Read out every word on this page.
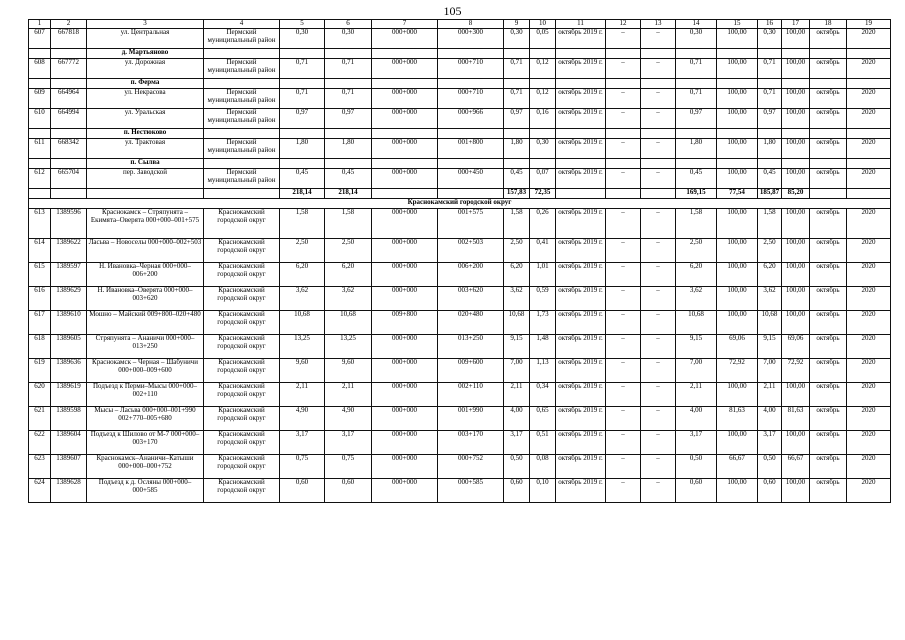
105
1	2	3	4	5	6	7	8	9	10	11	12	13	14	15	16	17	18	19
607	667818	ул. Центральная	Пермский муниципальный район	0,30	0,30	000+000	000+300	0,30	0,05	октябрь 2019 г.	–	–	0,30	100,00	0,30	100,00	октябрь	2020
		д. Мартьяново																
608	667772	ул. Дорожная	Пермский муниципальный район	0,71	0,71	000+000	000+710	0,71	0,12	октябрь 2019 г.	–	–	0,71	100,00	0,71	100,00	октябрь	2020
		п. Ферма																
609	664964	ул. Некрасова	Пермский муниципальный район	0,71	0,71	000+000	000+710	0,71	0,12	октябрь 2019 г.	–	–	0,71	100,00	0,71	100,00	октябрь	2020
610	664994	ул. Уральская	Пермский муниципальный район	0,97	0,97	000+000	000+966	0,97	0,16	октябрь 2019 г.	–	–	0,97	100,00	0,97	100,00	октябрь	2020
		п. Нестюково																
611	668342	ул. Трактовая	Пермский муниципальный район	1,80	1,80	000+000	001+800	1,80	0,30	октябрь 2019 г.	–	–	1,80	100,00	1,80	100,00	октябрь	2020
		п. Сылва																
612	665704	пер. Заводской	Пермский муниципальный район	0,45	0,45	000+000	000+450	0,45	0,07	октябрь 2019 г.	–	–	0,45	100,00	0,45	100,00	октябрь	2020
				218,14	218,14			157,83	72,35				169,15	77,54	185,87	85,20		
Краснокамский городской округ																		
613	1389596	Краснокамск – Стряпунята – Екимята–Оверята 000+000–001+575	Краснокамский городской округ	1,58	1,58	000+000	001+575	1,58	0,26	октябрь 2019 г.	–	–	1,58	100,00	1,58	100,00	октябрь	2020
614	1389622	Ласьва – Новоселы 000+000–002+503	Краснокамский городской округ	2,50	2,50	000+000	002+503	2,50	0,41	октябрь 2019 г.	–	–	2,50	100,00	2,50	100,00	октябрь	2020
615	1389597	Н. Ивановка–Черная 000+000–006+200	Краснокамский городской округ	6,20	6,20	000+000	006+200	6,20	1,01	октябрь 2019 г.	–	–	6,20	100,00	6,20	100,00	октябрь	2020
616	1389629	Н. Ивановка–Оверята 000+000–003+620	Краснокамский городской округ	3,62	3,62	000+000	003+620	3,62	0,59	октябрь 2019 г.	–	–	3,62	100,00	3,62	100,00	октябрь	2020
617	1389610	Мошно – Майский 009+800–020+480	Краснокамский городской округ	10,68	10,68	009+800	020+480	10,68	1,73	октябрь 2019 г.	–	–	10,68	100,00	10,68	100,00	октябрь	2020
618	1389605	Стряпунята – Ананичи 000+000–013+250	Краснокамский городской округ	13,25	13,25	000+000	013+250	9,15	1,48	октябрь 2019 г.	–	–	9,15	69,06	9,15	69,06	октябрь	2020
619	1389636	Краснокамск – Черная – Шабуничи 000+000–009+600	Краснокамский городской округ	9,60	9,60	000+000	009+600	7,00	1,13	октябрь 2019 г.	–	–	7,00	72,92	7,00	72,92	октябрь	2020
620	1389619	Подъезд к Перми–Мысы 000+000–002+110	Краснокамский городской округ	2,11	2,11	000+000	002+110	2,11	0,34	октябрь 2019 г.	–	–	2,11	100,00	2,11	100,00	октябрь	2020
621	1389598	Мысы – Ласьва 000+000–001+990 002+770–005+680	Краснокамский городской округ	4,90	4,90	000+000	001+990	4,00	0,65	октябрь 2019 г.	–	–	4,00	81,63	4,00	81,63	октябрь	2020
622	1389604	Подъезд к Шилово от М-7 000+000–003+170	Краснокамский городской округ	3,17	3,17	000+000	003+170	3,17	0,51	октябрь 2019 г.	–	–	3,17	100,00	3,17	100,00	октябрь	2020
623	1389607	Краснокамск–Ананичи–Катыши 000+000–000+752	Краснокамский городской округ	0,75	0,75	000+000	000+752	0,50	0,08	октябрь 2019 г.	–	–	0,50	66,67	0,50	66,67	октябрь	2020
624	1389628	Подъезд к д. Осляны 000+000–000+585	Краснокамский городской округ	0,60	0,60	000+000	000+585	0,60	0,10	октябрь 2019 г.	–	–	0,60	100,00	0,60	100,00	октябрь	2020
